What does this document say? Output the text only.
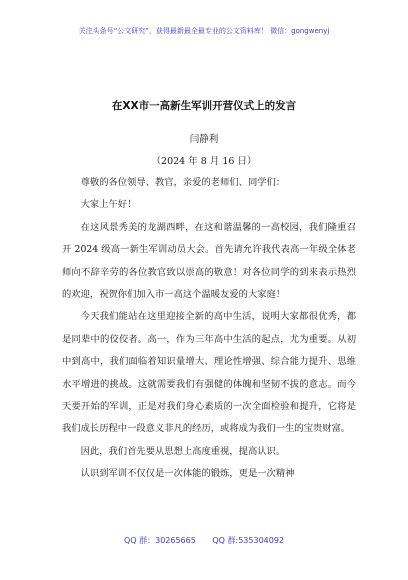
关注头条号“公文研究”，获得最新最全最专业的公文资料库！ 微信：gongwenyj
在XX市一高新生军训开营仪式上的发言
闫静利
（2024 年 8 月 16 日）

尊敬的各位领导、教官，亲爱的老师们、同学们：

大家上午好！

在这风景秀美的龙湖西畔，在这和谐温馨的一高校园，我们隆重召开 2024 级高一新生军训动员大会。首先请允许我代表高一年级全体老师向不辞辛劳的各位教官致以崇高的敬意！对各位同学的到来表示热烈的欢迎，祝贺你们加入市一高这个温暖友爱的大家庭！

今天我们能站在这里迎接全新的高中生活，说明大家都很优秀，都是同辈中的佼佼者。高一，作为三年高中生活的起点，尤为重要。从初中到高中，我们面临着知识量增大、理论性增强、综合能力提升、思维水平增进的挑战。这就需要我们有强健的体魄和坚韧不拔的意志。而今天要开始的军训，正是对我们身心素质的一次全面检验和提升，它将是我们成长历程中一段意义非凡的经历，或将成为我们一生的宝贵财富。

因此，我们首先要从思想上高度重视，提高认识。

认识到军训不仅仅是一次体能的锻炼，更是一次精神

QQ 群：30265665 QQ 群:535304092
